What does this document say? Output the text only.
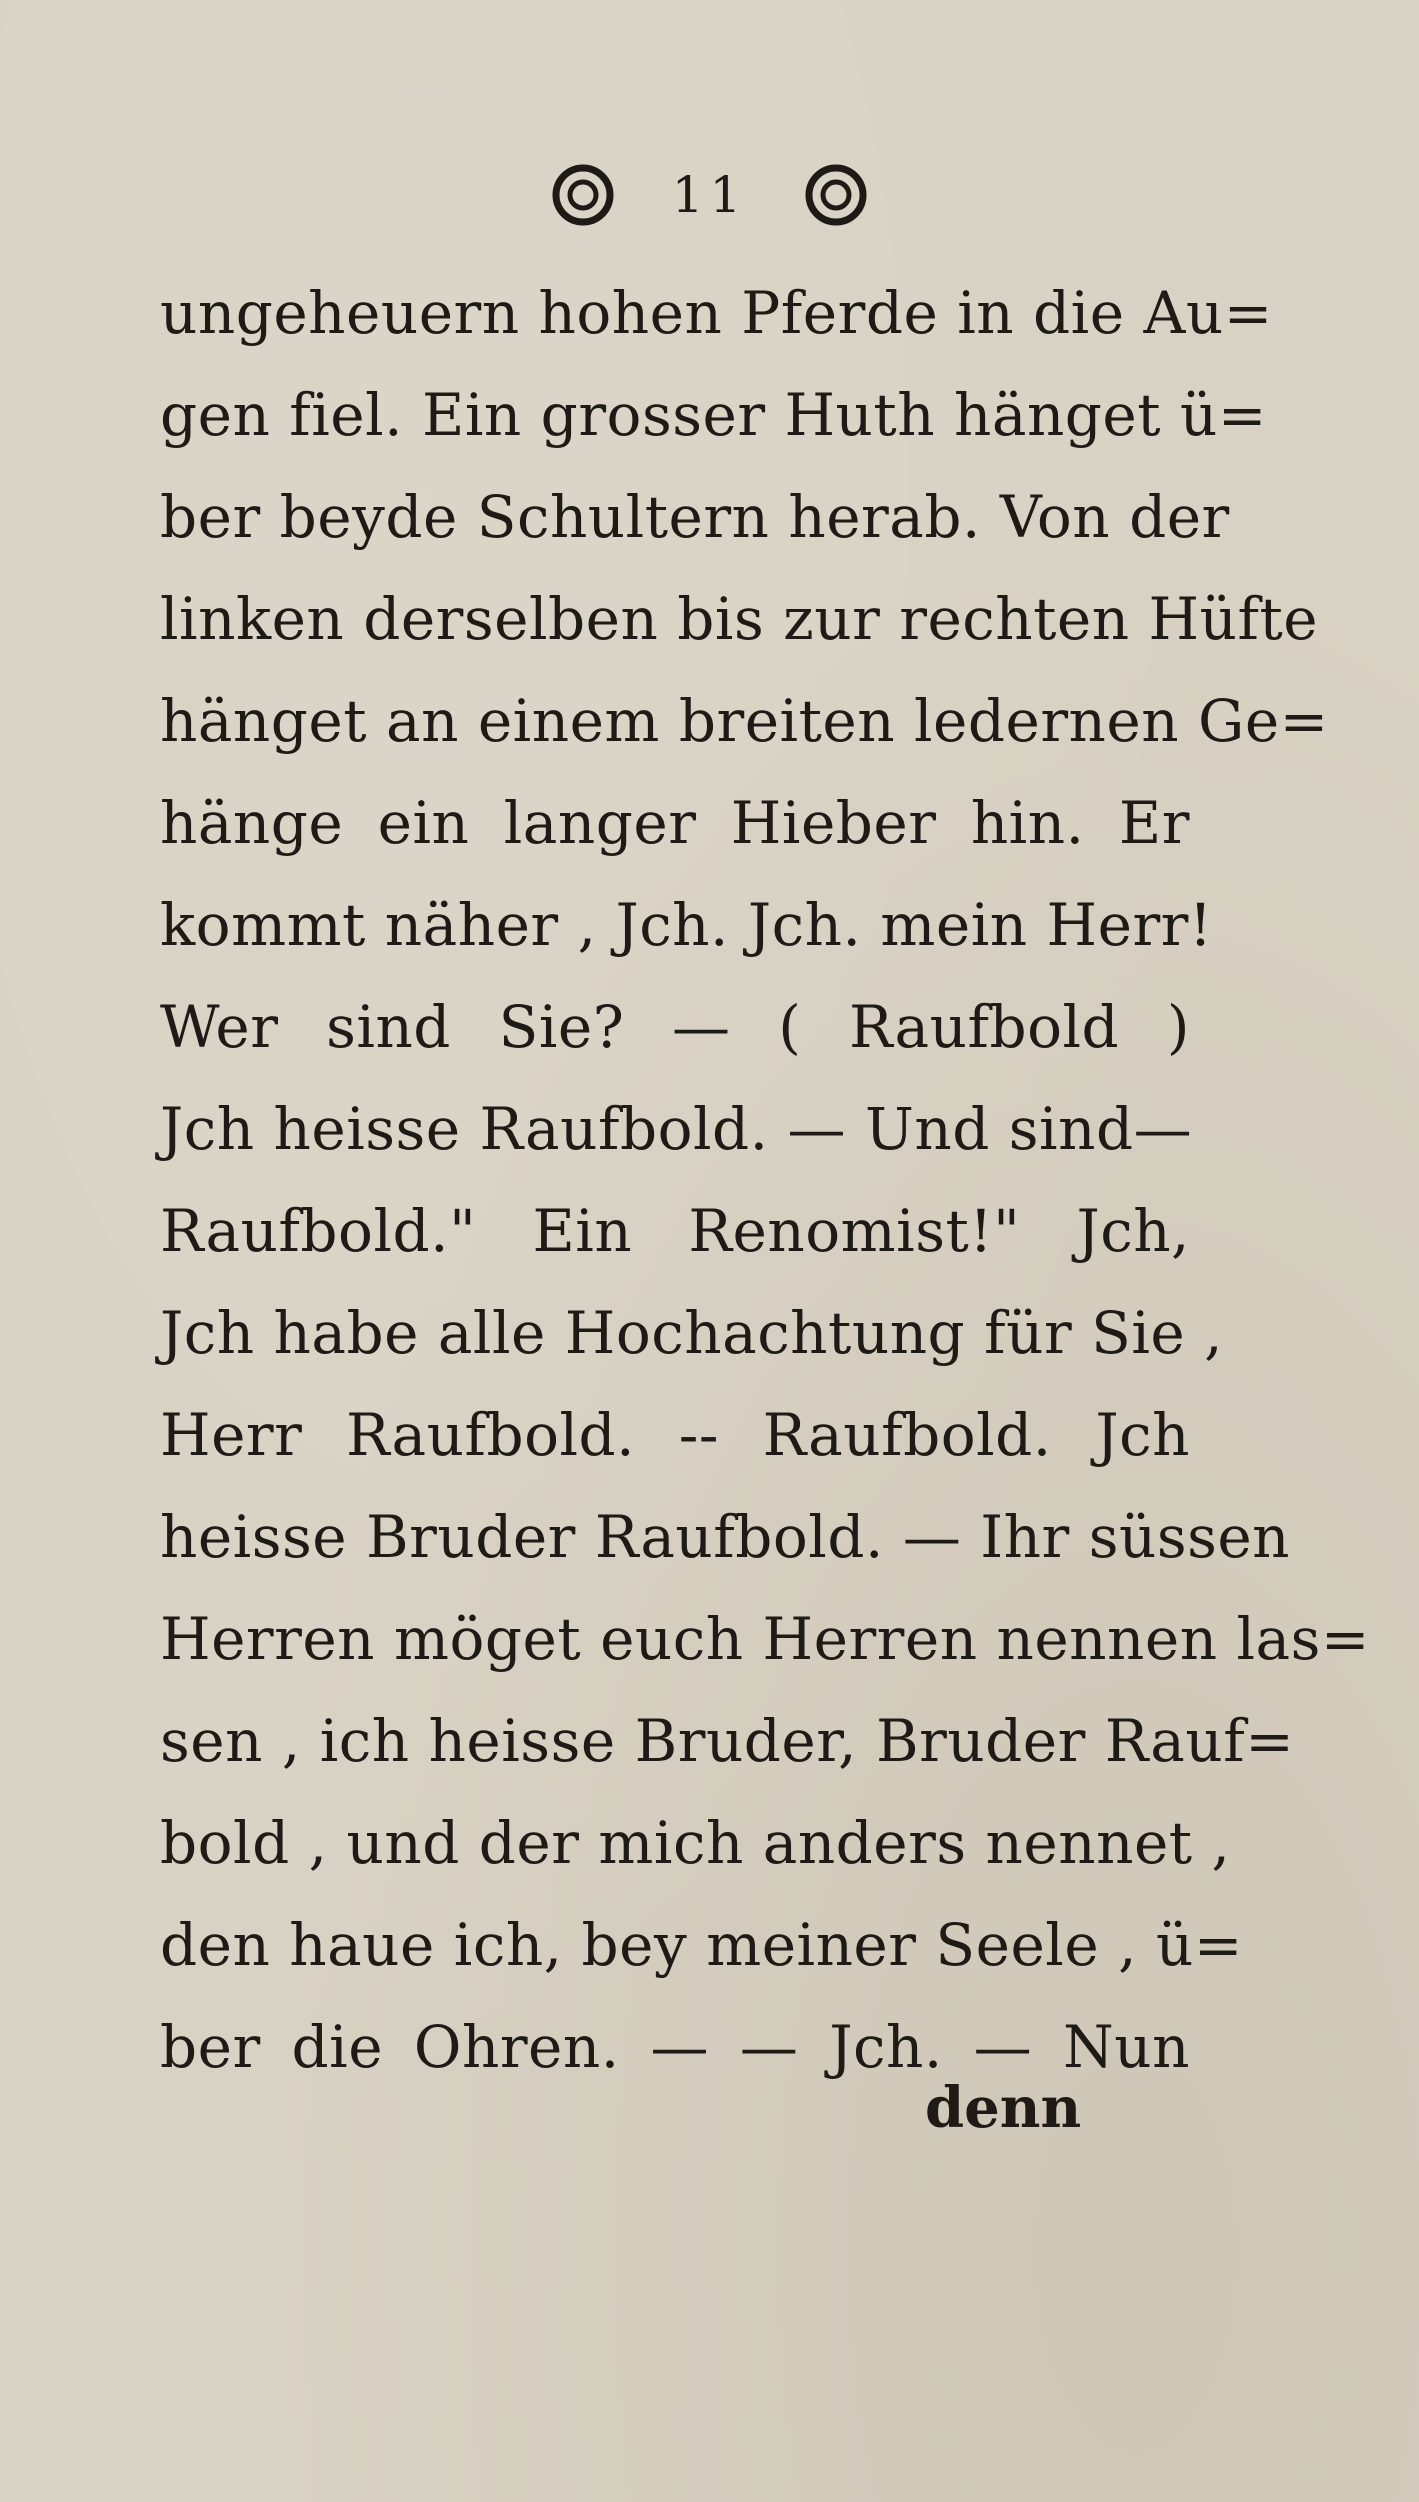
11
ungeheuern hohen Pferde in die Au=
gen fiel. Ein grosser Huth hänget ü=
ber beyde Schultern herab. Von der
linken derselben bis zur rechten Hüfte
hänget an einem breiten ledernen Ge=
hänge ein langer Hieber hin. Er
kommt näher , Jch. Jch. mein Herr!
Wer sind Sie? — ( Raufbold )
Jch heisse Raufbold. — Und sind—
Raufbold." Ein Renomist!" Jch,
Jch habe alle Hochachtung für Sie ,
Herr Raufbold. -- Raufbold. Jch
heisse Bruder Raufbold. — Ihr süssen
Herren möget euch Herren nennen las=
sen , ich heisse Bruder, Bruder Rauf=
bold , und der mich anders nennet ,
den haue ich, bey meiner Seele , ü=
ber die Ohren. — — Jch. — Nun
denn
